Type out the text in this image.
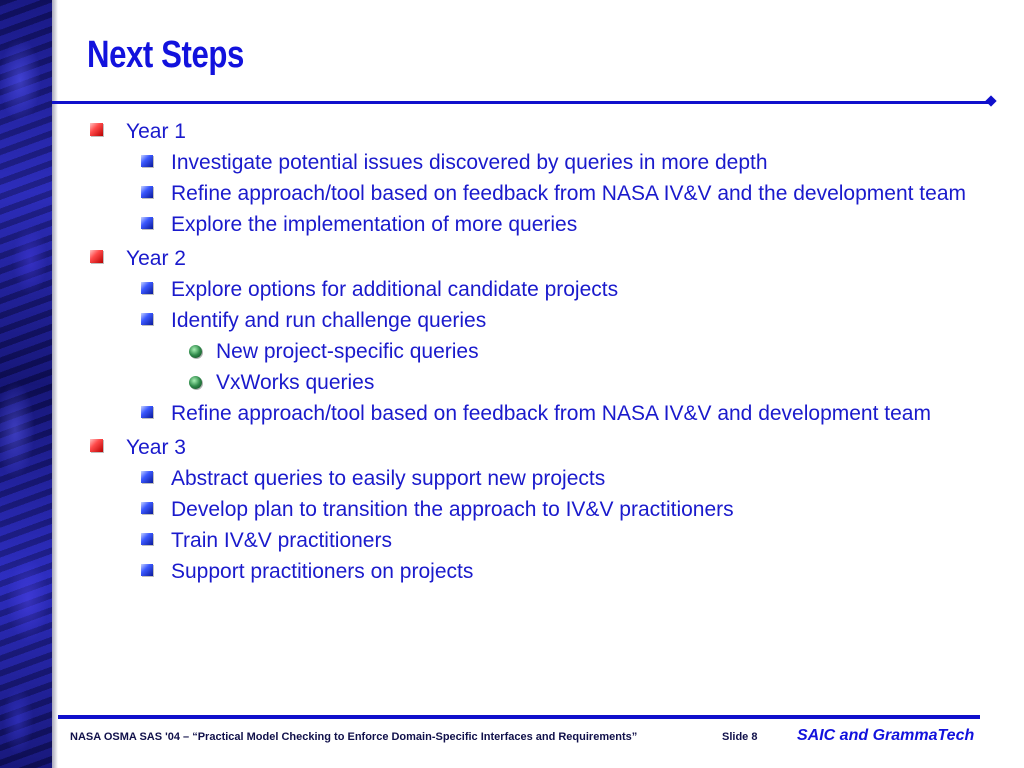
Next Steps
Year 1
Investigate potential issues discovered by queries in more depth
Refine approach/tool based on feedback from NASA IV&V and the development team
Explore the implementation of more queries
Year 2
Explore options for additional candidate projects
Identify and run challenge queries
New project-specific queries
VxWorks queries
Refine approach/tool based on feedback from NASA IV&V and development team
Year 3
Abstract queries to easily support new projects
Develop plan to transition the approach to IV&V practitioners
Train IV&V practitioners
Support practitioners on projects
NASA OSMA SAS '04 – “Practical Model Checking to Enforce Domain-Specific Interfaces and Requirements”	Slide 8 SAIC and GrammaTech
